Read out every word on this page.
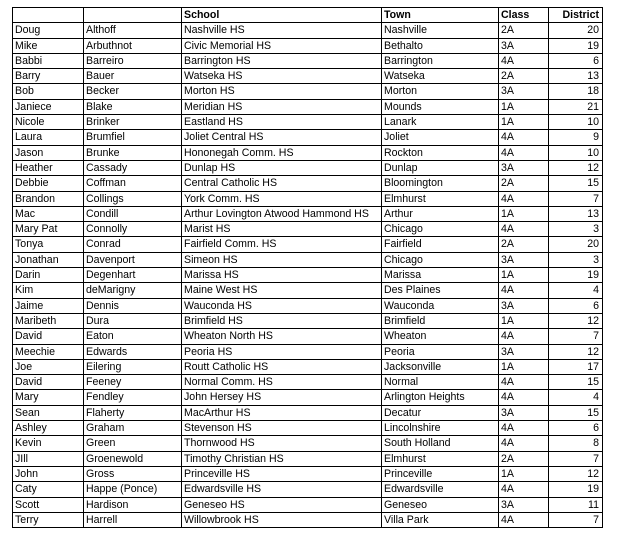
		School	Town	Class	District
Doug	Althoff	Nashville HS	Nashville	2A	20
Mike	Arbuthnot	Civic Memorial HS	Bethalto	3A	19
Babbi	Barreiro	Barrington HS	Barrington	4A	6
Barry	Bauer	Watseka HS	Watseka	2A	13
Bob	Becker	Morton HS	Morton	3A	18
Janiece	Blake	Meridian HS	Mounds	1A	21
Nicole	Brinker	Eastland HS	Lanark	1A	10
Laura	Brumfiel	Joliet Central HS	Joliet	4A	9
Jason	Brunke	Hononegah Comm. HS	Rockton	4A	10
Heather	Cassady	Dunlap HS	Dunlap	3A	12
Debbie	Coffman	Central Catholic HS	Bloomington	2A	15
Brandon	Collings	York Comm. HS	Elmhurst	4A	7
Mac	Condill	Arthur Lovington Atwood Hammond HS	Arthur	1A	13
Mary Pat	Connolly	Marist HS	Chicago	4A	3
Tonya	Conrad	Fairfield Comm. HS	Fairfield	2A	20
Jonathan	Davenport	Simeon HS	Chicago	3A	3
Darin	Degenhart	Marissa HS	Marissa	1A	19
Kim	deMarigny	Maine West HS	Des Plaines	4A	4
Jaime	Dennis	Wauconda HS	Wauconda	3A	6
Maribeth	Dura	Brimfield HS	Brimfield	1A	12
David	Eaton	Wheaton North HS	Wheaton	4A	7
Meechie	Edwards	Peoria HS	Peoria	3A	12
Joe	Eilering	Routt Catholic HS	Jacksonville	1A	17
David	Feeney	Normal Comm. HS	Normal	4A	15
Mary	Fendley	John Hersey HS	Arlington Heights	4A	4
Sean	Flaherty	MacArthur HS	Decatur	3A	15
Ashley	Graham	Stevenson HS	Lincolnshire	4A	6
Kevin	Green	Thornwood HS	South Holland	4A	8
JIll	Groenewold	Timothy Christian HS	Elmhurst	2A	7
John	Gross	Princeville HS	Princeville	1A	12
Caty	Happe (Ponce)	Edwardsville HS	Edwardsville	4A	19
Scott	Hardison	Geneseo HS	Geneseo	3A	11
Terry	Harrell	Willowbrook HS	Villa Park	4A	7
